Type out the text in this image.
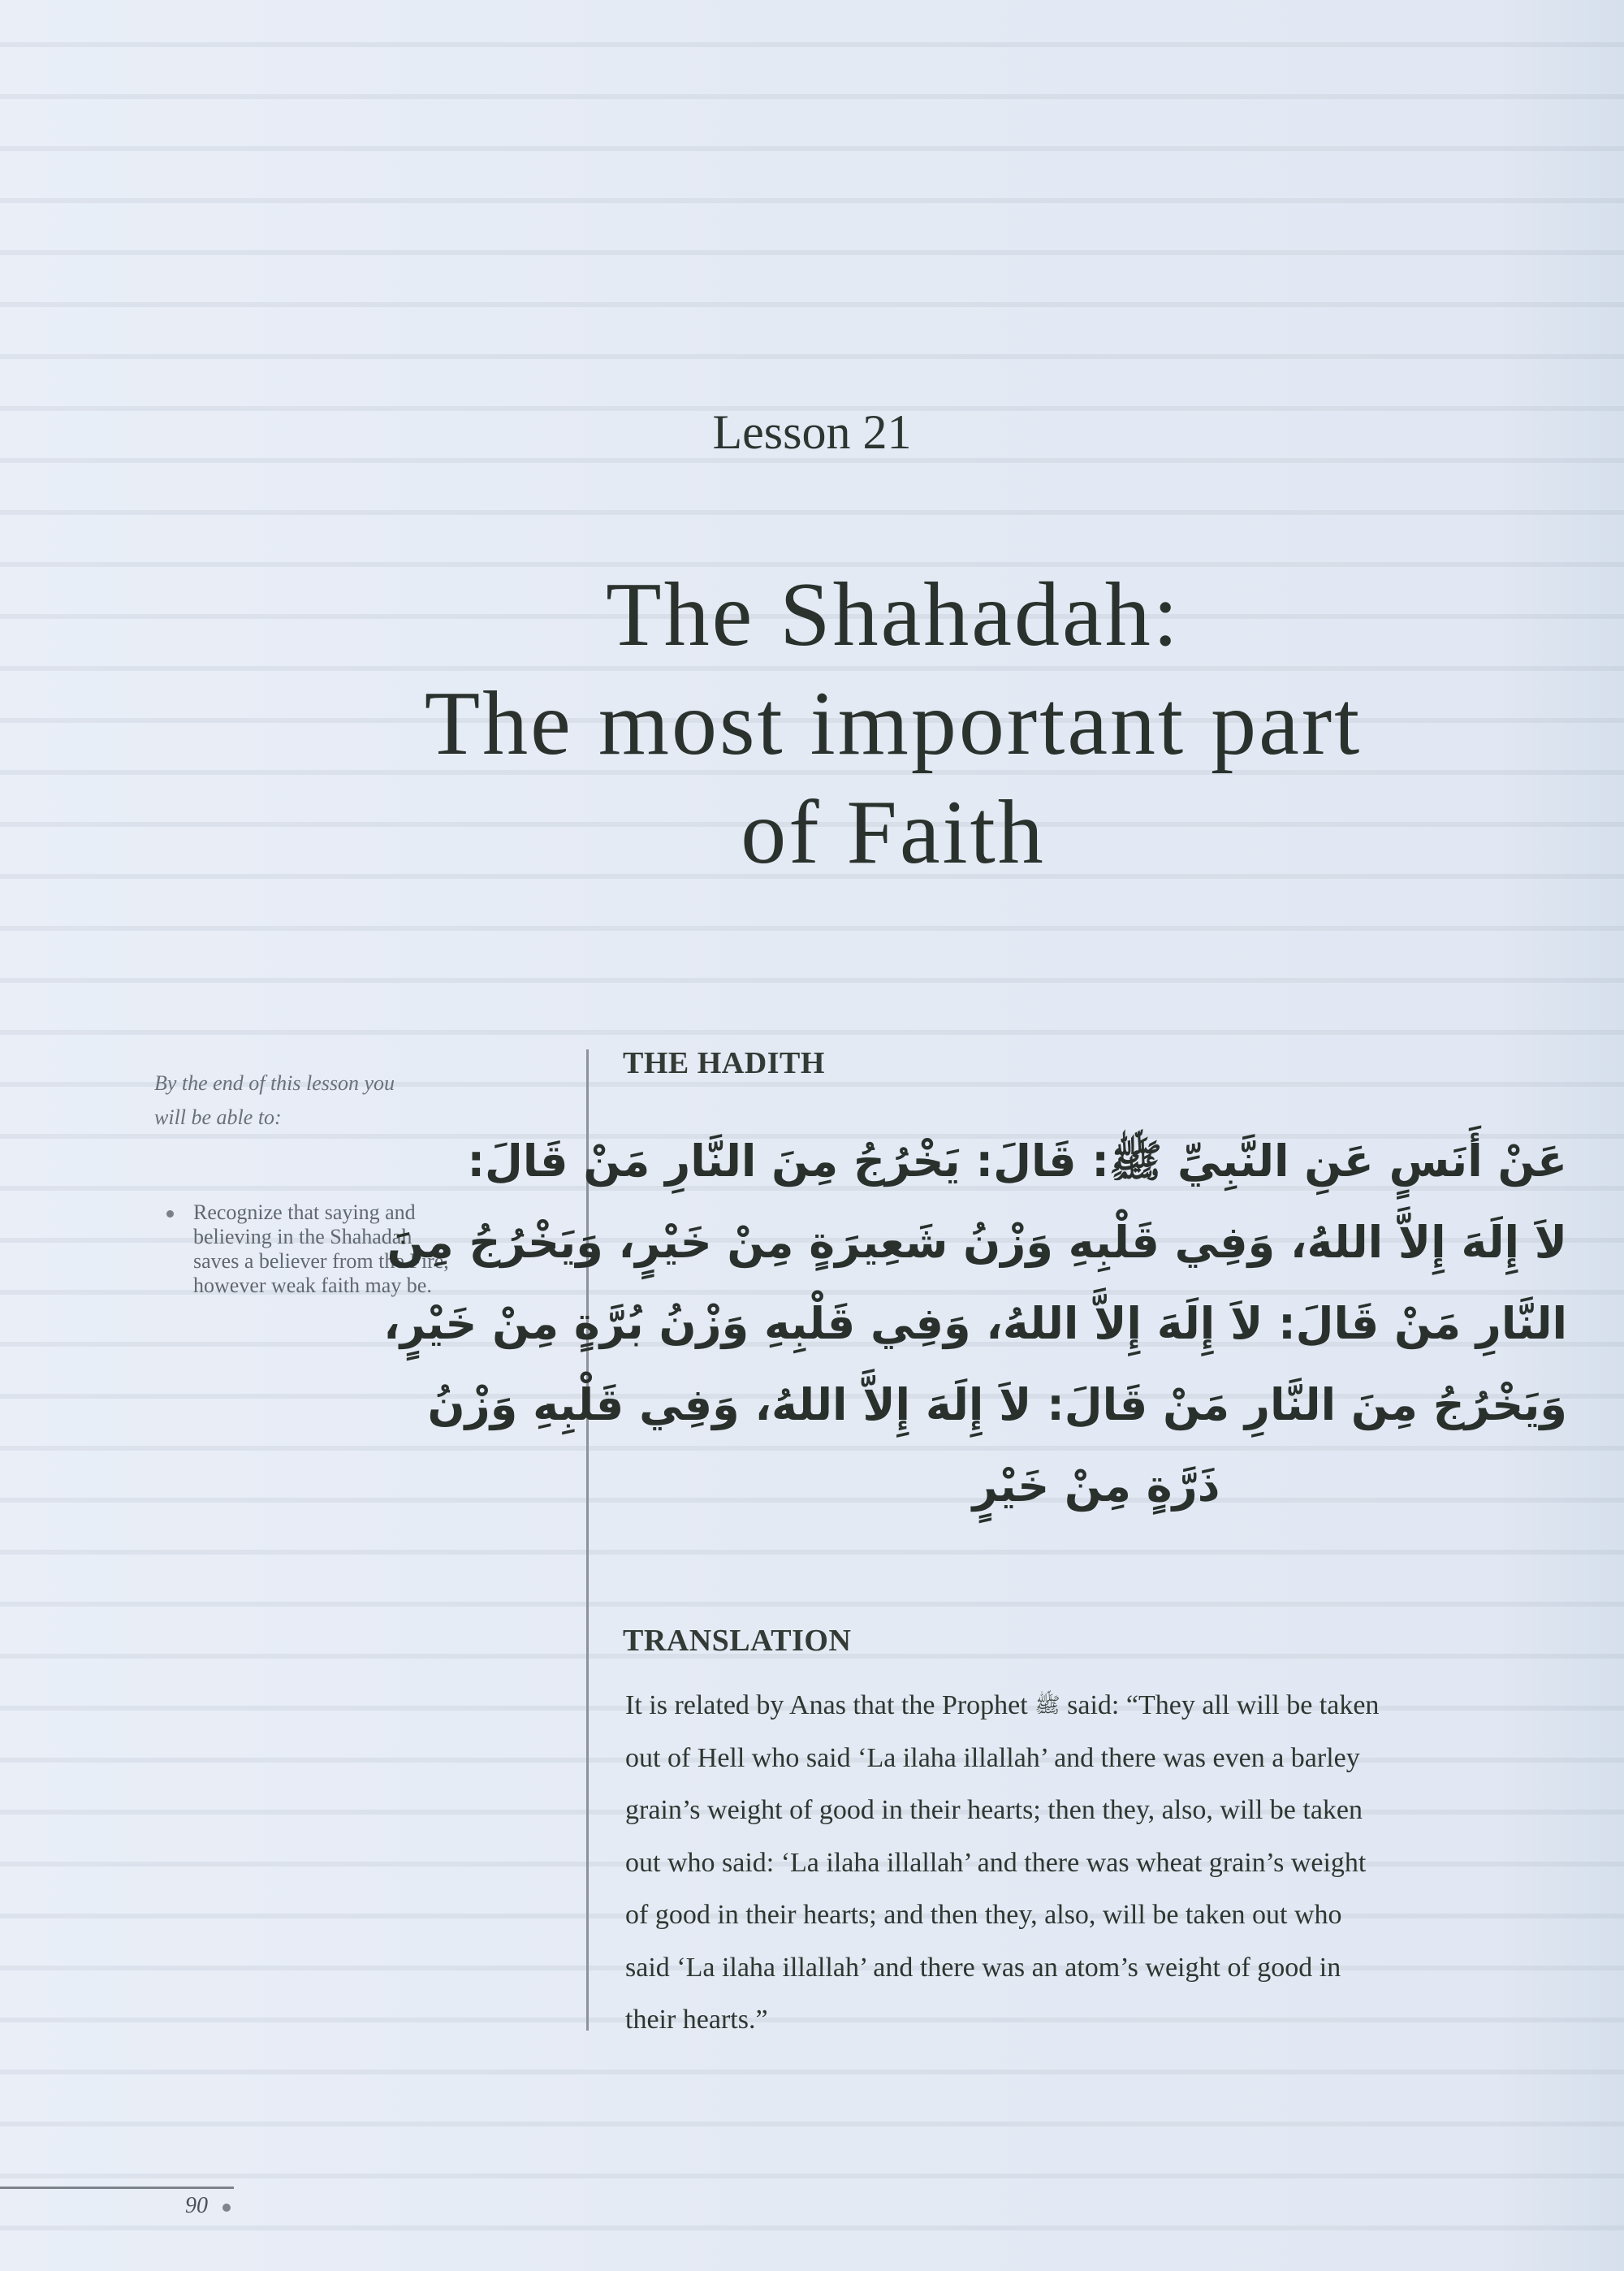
Lesson 21
The Shahadah:
The most important part
of Faith
By the end of this lesson you
will be able to:
Recognize that saying and
believing in the Shahadah
saves a believer from the Fire,
however weak faith may be.
THE HADITH
عَنْ أَنَسٍ عَنِ النَّبِيِّ ﷺ: قَالَ: يَخْرُجُ مِنَ النَّارِ مَنْ قَالَ:
لاَ إِلَهَ إِلاَّ اللهُ، وَفِي قَلْبِهِ وَزْنُ شَعِيرَةٍ مِنْ خَيْرٍ، وَيَخْرُجُ مِنَ
النَّارِ مَنْ قَالَ: لاَ إِلَهَ إِلاَّ اللهُ، وَفِي قَلْبِهِ وَزْنُ بُرَّةٍ مِنْ خَيْرٍ،
وَيَخْرُجُ مِنَ النَّارِ مَنْ قَالَ: لاَ إِلَهَ إِلاَّ اللهُ، وَفِي قَلْبِهِ وَزْنُ
ذَرَّةٍ مِنْ خَيْرٍ
TRANSLATION
It is related by Anas that the Prophet ﷺ said: “They all will be taken
out of Hell who said ‘La ilaha illallah’ and there was even a barley
grain’s weight of good in their hearts; then they, also, will be taken
out who said: ‘La ilaha illallah’ and there was wheat grain’s weight
of good in their hearts; and then they, also, will be taken out who
said ‘La ilaha illallah’ and there was an atom’s weight of good in
their hearts.”
90
